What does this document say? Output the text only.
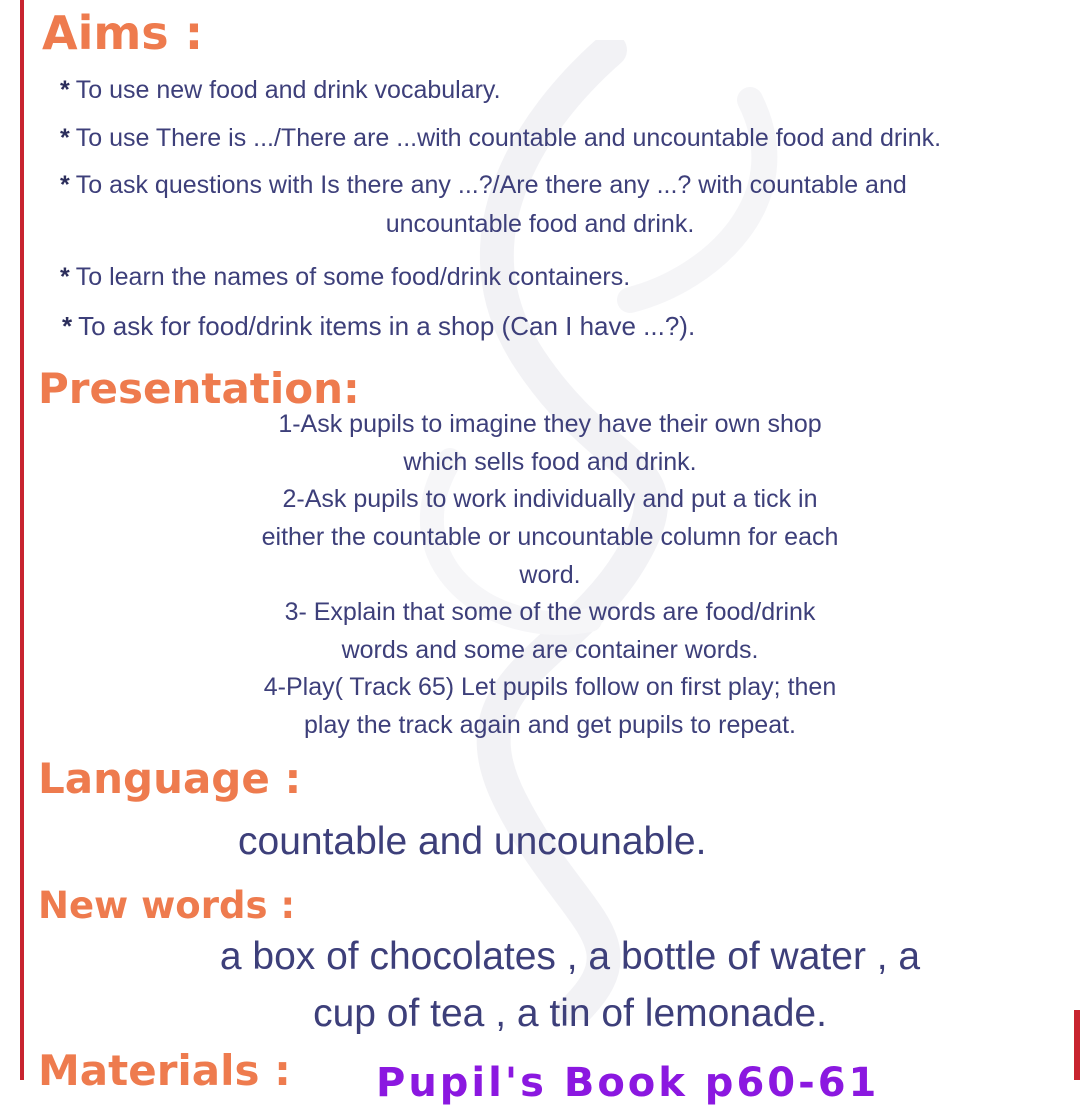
Aims :

* To use new food and drink vocabulary.

* To use There is .../There are ...with countable and uncountable food and drink.

* To ask questions with Is there any ...?/Are there any ...? with countable and

uncountable food and drink.

* To learn the names of some food/drink containers.

* To ask for food/drink items in a shop (Can I have ...?).

Presentation:

1-Ask pupils to imagine they have their own shop

which sells food and drink.

2-Ask pupils to work individually and put a tick in

either the countable or uncountable column for each

word.

3- Explain that some of the words are food/drink

words and some are container words.

4-Play( Track 65) Let pupils follow on first play; then

play the track again and get pupils to repeat.

Language :

countable and uncounable.

New words :

a box of chocolates , a bottle of water , a

cup of tea , a tin of lemonade.

Materials : Pupil's Book p60-61
